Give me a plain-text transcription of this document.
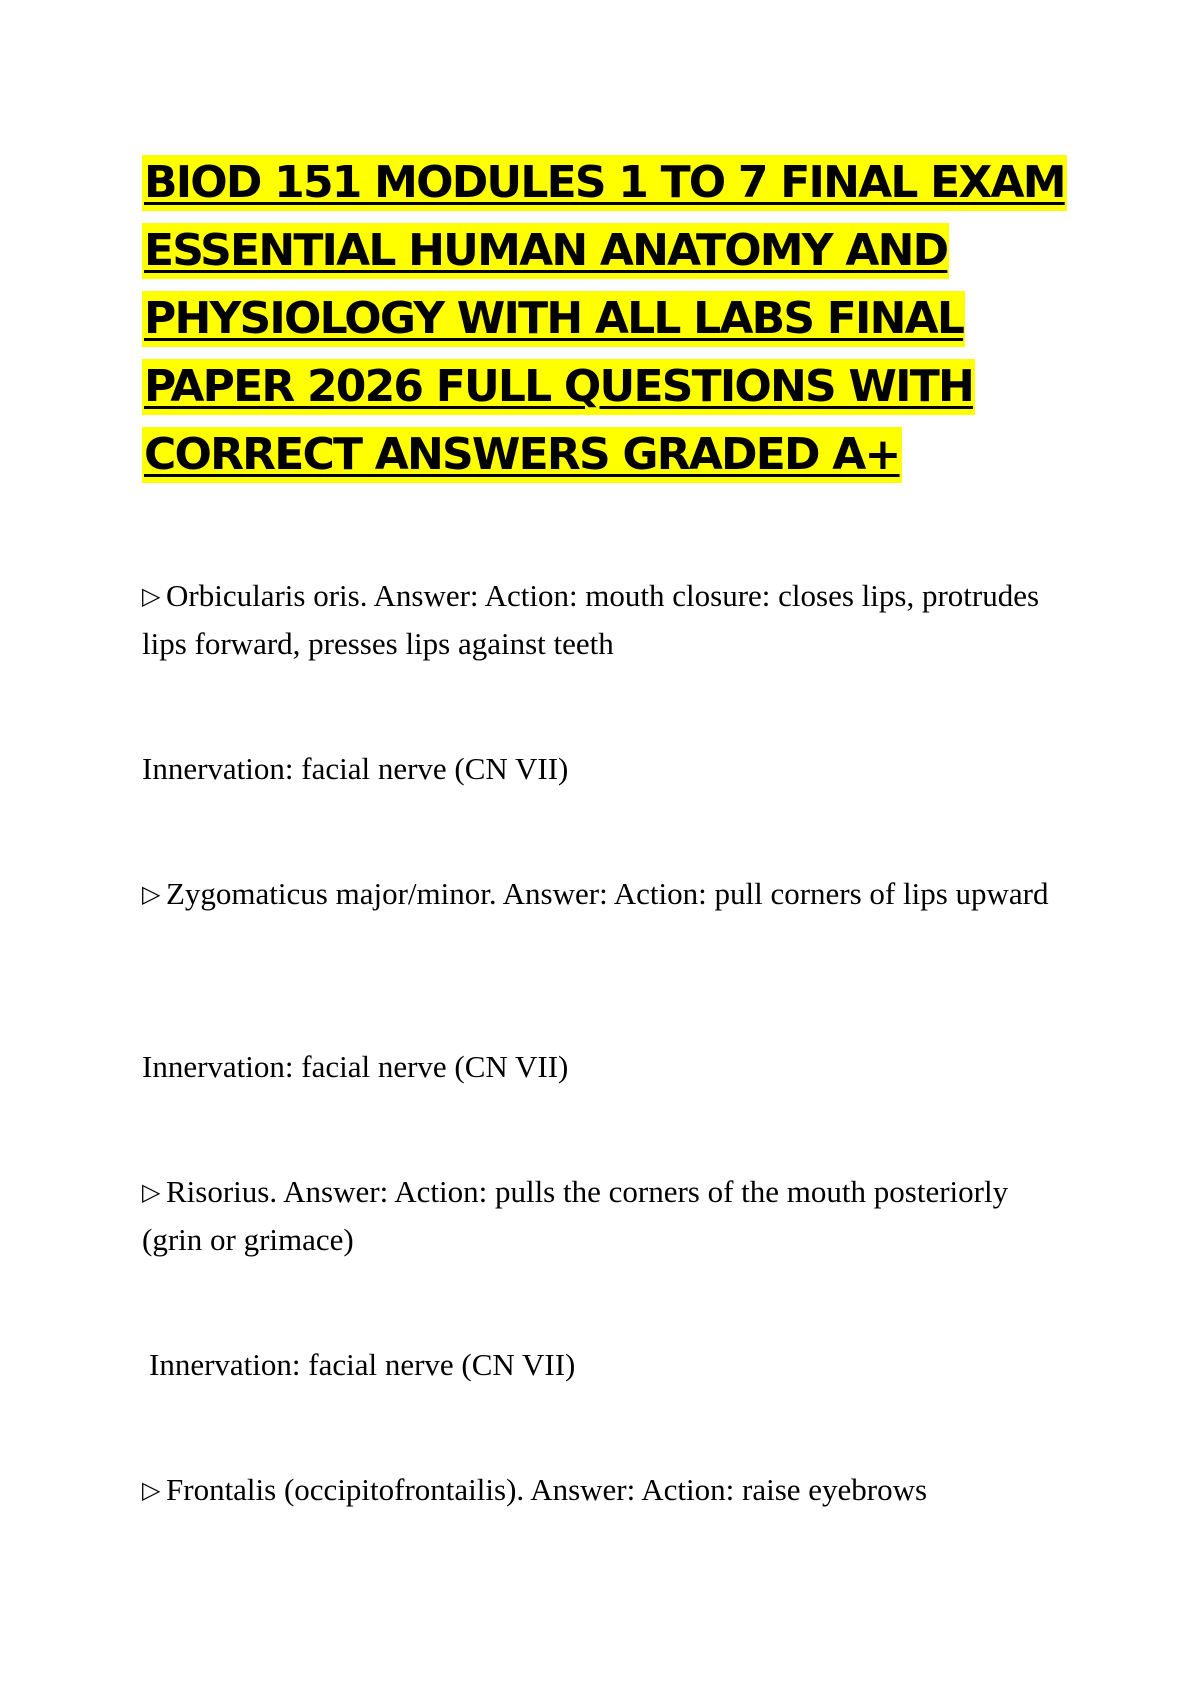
BIOD 151 MODULES 1 TO 7 FINAL EXAM
ESSENTIAL HUMAN ANATOMY AND
PHYSIOLOGY WITH ALL LABS FINAL
PAPER 2026 FULL QUESTIONS WITH
CORRECT ANSWERS GRADED A+

▷ Orbicularis oris. Answer: Action: mouth closure: closes lips, protrudes lips forward, presses lips against teeth

Innervation: facial nerve (CN VII)

▷ Zygomaticus major/minor. Answer: Action: pull corners of lips upward

Innervation: facial nerve (CN VII)

▷ Risorius. Answer: Action: pulls the corners of the mouth posteriorly (grin or grimace)

Innervation: facial nerve (CN VII)

▷ Frontalis (occipitofrontailis). Answer: Action: raise eyebrows
